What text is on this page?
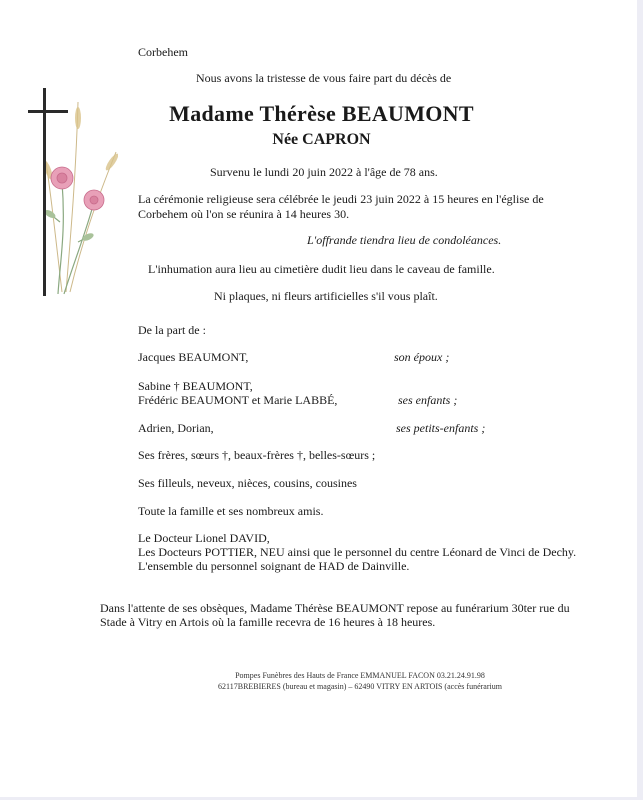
Corbehem
Nous avons la tristesse de vous faire part du décès de
Madame Thérèse BEAUMONT
Née CAPRON
Survenu le lundi 20 juin 2022 à l'âge de 78 ans.
La cérémonie religieuse sera célébrée le jeudi 23 juin 2022 à 15 heures en l'église de
Corbehem où l'on se réunira à 14 heures 30.
L'offrande tiendra lieu de condoléances.
L'inhumation aura lieu au cimetière dudit lieu dans le caveau de famille.
Ni plaques, ni fleurs artificielles s'il vous plaît.
De la part de :
Jacques BEAUMONT,	son époux ;
Sabine † BEAUMONT,
Frédéric BEAUMONT et Marie LABBÉ,	ses enfants ;
Adrien, Dorian,	ses petits-enfants ;
Ses frères, sœurs †, beaux-frères †, belles-sœurs ;
Ses filleuls, neveux, nièces, cousins, cousines
Toute la famille et ses nombreux amis.
Le Docteur Lionel DAVID,
Les Docteurs POTTIER, NEU ainsi que le personnel du centre Léonard de Vinci de Dechy.
L'ensemble du personnel soignant de HAD de Dainville.
Dans l'attente de ses obsèques, Madame Thérèse BEAUMONT repose au funérarium 30ter rue du
Stade à Vitry en Artois où la famille recevra de 16 heures à 18 heures.
Pompes Funèbres des Hauts de France EMMANUEL FACON 03.21.24.91.98
62117BREBIERES (bureau et magasin) – 62490 VITRY EN ARTOIS (accès funérarium
